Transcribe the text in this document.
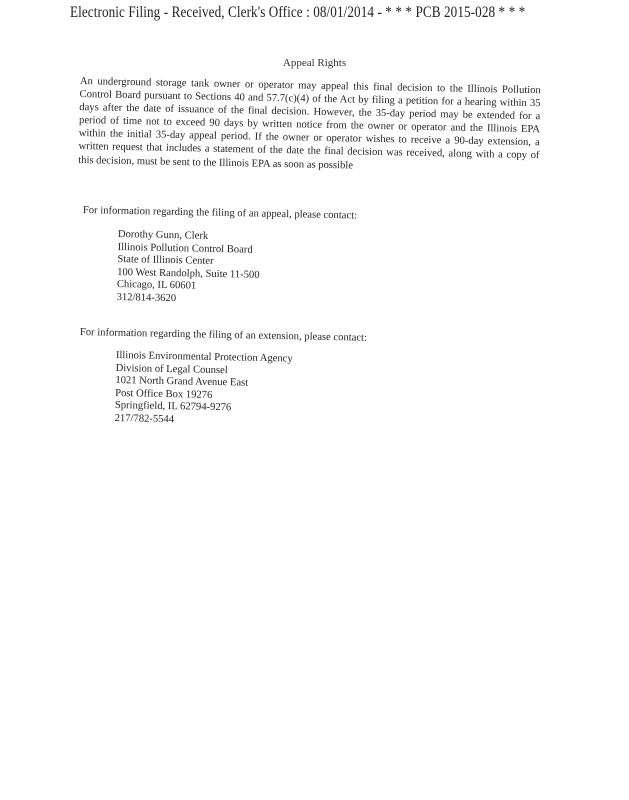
Electronic Filing - Received, Clerk's Office : 08/01/2014 - * * * PCB 2015-028 * * *
Appeal Rights
An underground storage tank owner or operator may appeal this final decision to the Illinois Pollution Control Board pursuant to Sections 40 and 57.7(c)(4) of the Act by filing a petition for a hearing within 35 days after the date of issuance of the final decision. However, the 35-day period may be extended for a period of time not to exceed 90 days by written notice from the owner or operator and the Illinois EPA within the initial 35-day appeal period. If the owner or operator wishes to receive a 90-day extension, a written request that includes a statement of the date the final decision was received, along with a copy of this decision, must be sent to the Illinois EPA as soon as possible
For information regarding the filing of an appeal, please contact:
Dorothy Gunn, Clerk
Illinois Pollution Control Board
State of Illinois Center
100 West Randolph, Suite 11-500
Chicago, IL 60601
312/814-3620
For information regarding the filing of an extension, please contact:
Illinois Environmental Protection Agency
Division of Legal Counsel
1021 North Grand Avenue East
Post Office Box 19276
Springfield, IL 62794-9276
217/782-5544
